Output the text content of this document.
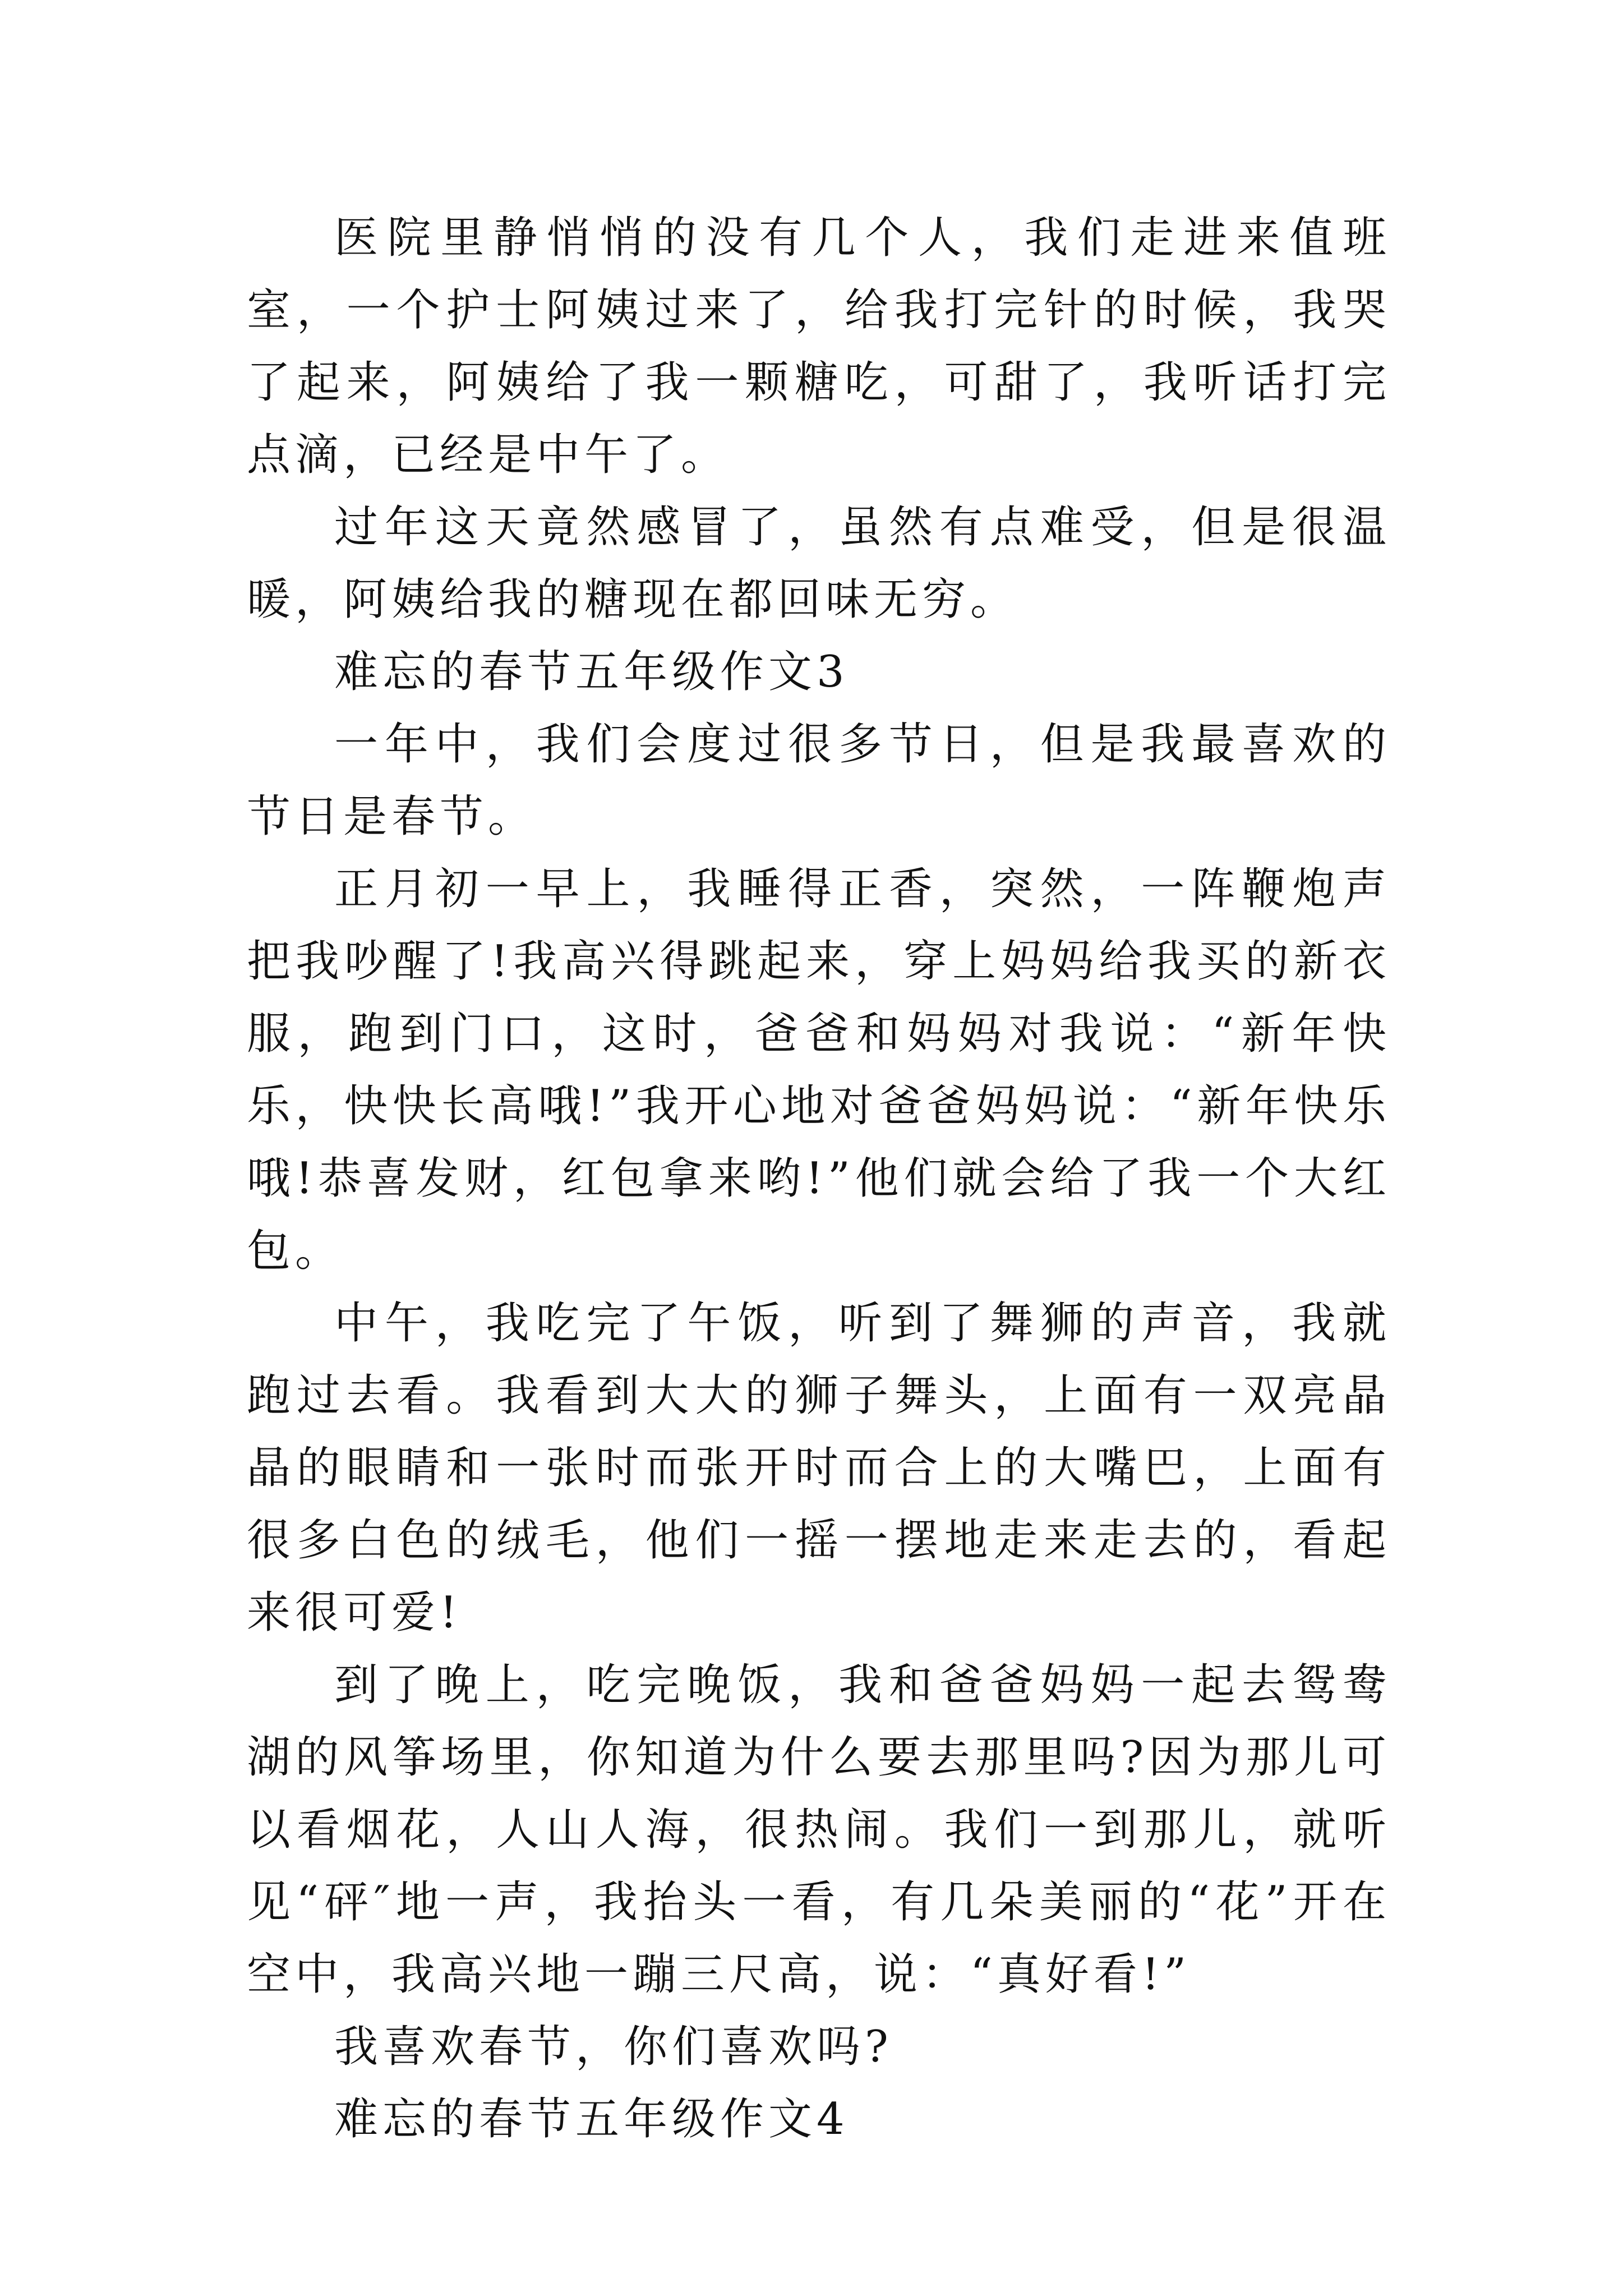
医院里静悄悄的没有几个人，我们走进来值班室，一个护士阿姨过来了，给我打完针的时候，我哭了起来，阿姨给了我一颗糖吃，可甜了，我听话打完点滴，已经是中午了。

过年这天竟然感冒了，虽然有点难受，但是很温暖，阿姨给我的糖现在都回味无穷。

难忘的春节五年级作文3

一年中，我们会度过很多节日，但是我最喜欢的节日是春节。

正月初一早上，我睡得正香，突然，一阵鞭炮声把我吵醒了!我高兴得跳起来，穿上妈妈给我买的新衣服，跑到门口，这时，爸爸和妈妈对我说：“新年快乐，快快长高哦!”我开心地对爸爸妈妈说：“新年快乐哦!恭喜发财，红包拿来哟!”他们就会给了我一个大红包。

中午，我吃完了午饭，听到了舞狮的声音，我就跑过去看。我看到大大的狮子舞头，上面有一双亮晶晶的眼睛和一张时而张开时而合上的大嘴巴，上面有很多白色的绒毛，他们一摇一摆地走来走去的，看起来很可爱!

到了晚上，吃完晚饭，我和爸爸妈妈一起去鸳鸯湖的风筝场里，你知道为什么要去那里吗?因为那儿可以看烟花，人山人海，很热闹。我们一到那儿，就听见“砰″地一声，我抬头一看，有几朵美丽的“花”开在空中，我高兴地一蹦三尺高，说：“真好看!”

我喜欢春节，你们喜欢吗?

难忘的春节五年级作文4
